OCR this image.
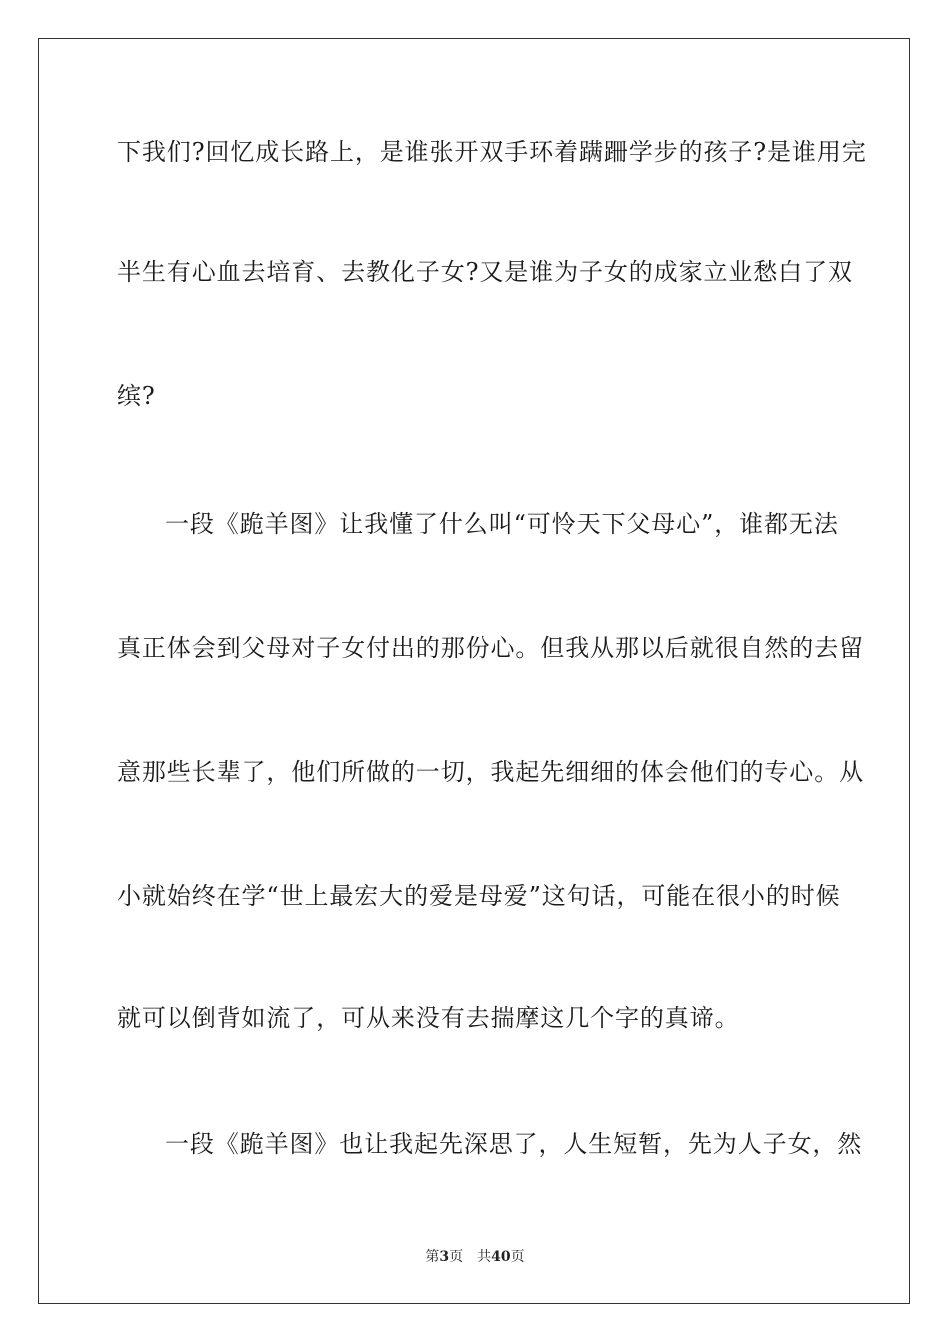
下我们?回忆成长路上，是谁张开双手环着蹒跚学步的孩子?是谁用完
半生有心血去培育、去教化子女?又是谁为子女的成家立业愁白了双
缤?
一段《跪羊图》让我懂了什么叫“可怜天下父母心”，谁都无法
真正体会到父母对子女付出的那份心。但我从那以后就很自然的去留
意那些长辈了，他们所做的一切，我起先细细的体会他们的专心。从
小就始终在学“世上最宏大的爱是母爱”这句话，可能在很小的时候
就可以倒背如流了，可从来没有去揣摩这几个字的真谛。
一段《跪羊图》也让我起先深思了，人生短暂，先为人子女，然
第3页 共40页
